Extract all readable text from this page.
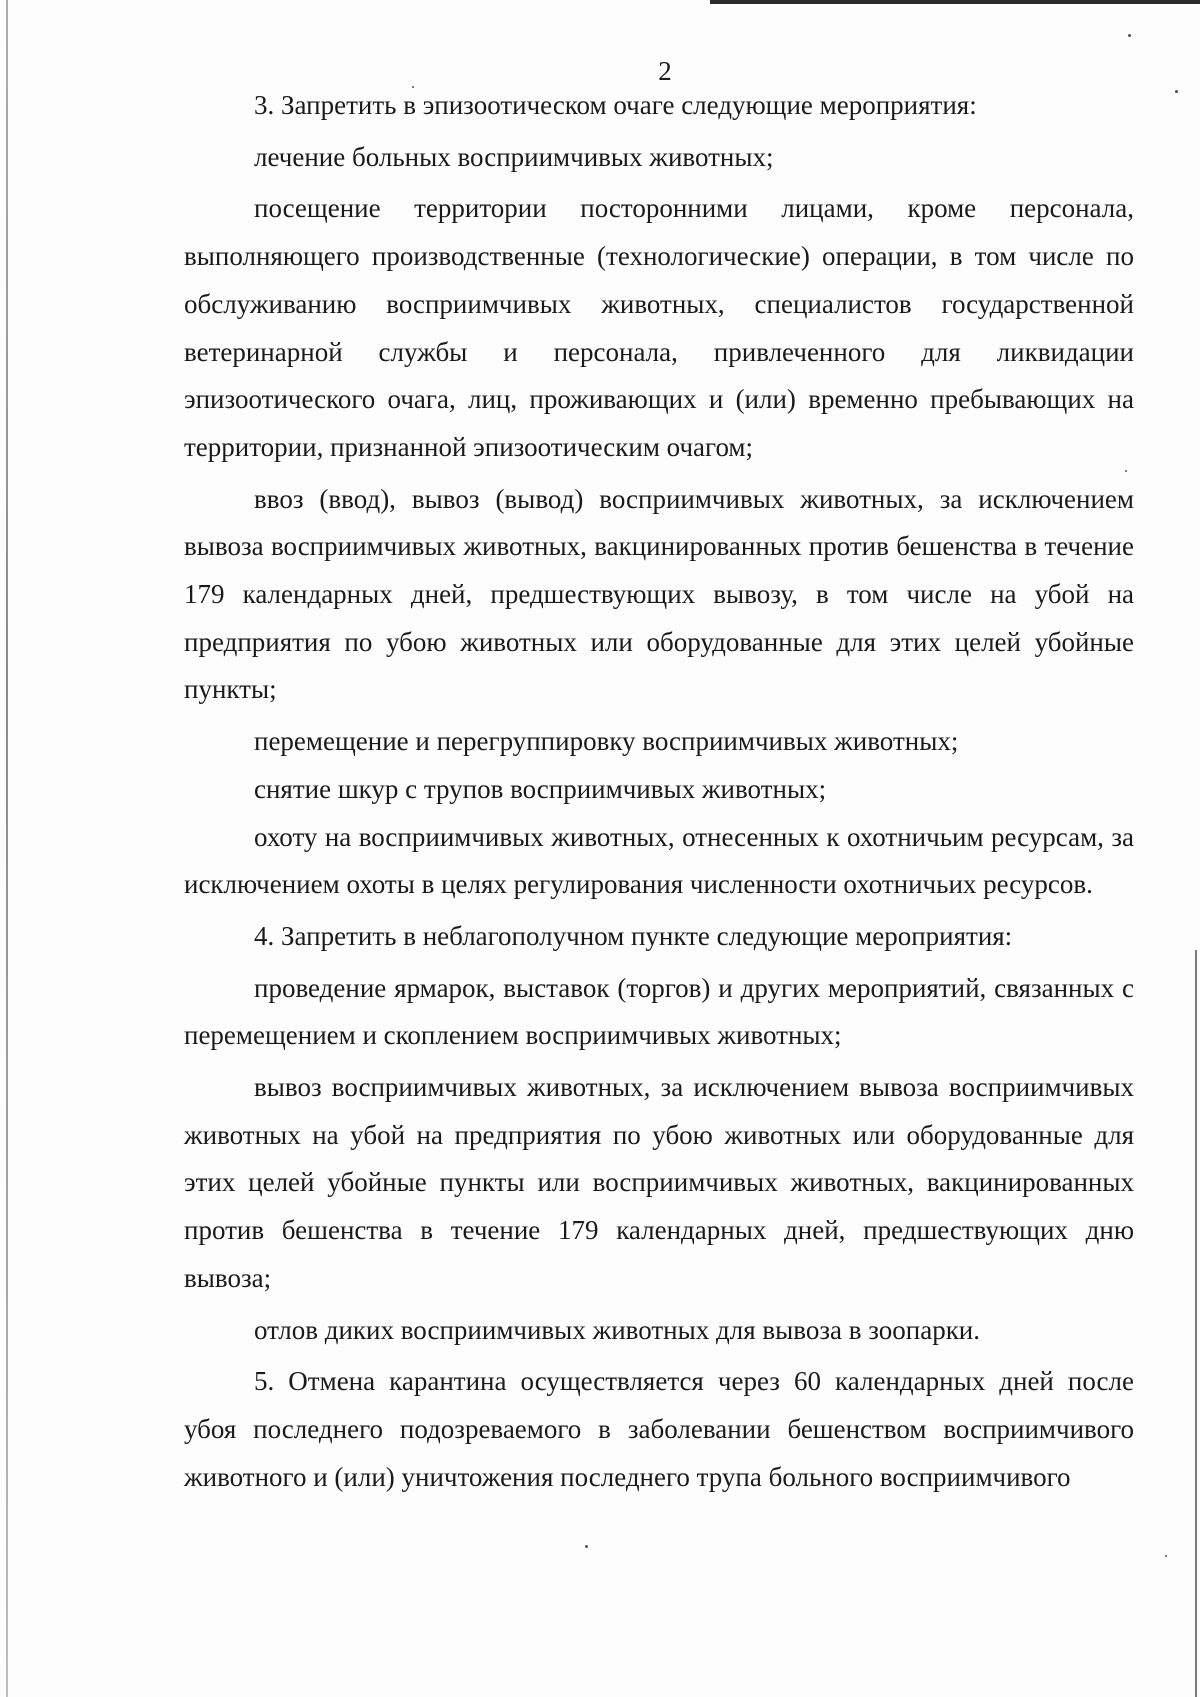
2

3. Запретить в эпизоотическом очаге следующие мероприятия:

лечение больных восприимчивых животных;

посещение территории посторонними лицами, кроме персонала, выполняющего производственные (технологические) операции, в том числе по обслуживанию восприимчивых животных, специалистов государственной ветеринарной службы и персонала, привлеченного для ликвидации эпизоотического очага, лиц, проживающих и (или) временно пребывающих на территории, признанной эпизоотическим очагом;

ввоз (ввод), вывоз (вывод) восприимчивых животных, за исключением вывоза восприимчивых животных, вакцинированных против бешенства в течение 179 календарных дней, предшествующих вывозу, в том числе на убой на предприятия по убою животных или оборудованные для этих целей убойные пункты;

перемещение и перегруппировку восприимчивых животных;

снятие шкур с трупов восприимчивых животных;

охоту на восприимчивых животных, отнесенных к охотничьим ресурсам, за исключением охоты в целях регулирования численности охотничьих ресурсов.

4. Запретить в неблагополучном пункте следующие мероприятия:

проведение ярмарок, выставок (торгов) и других мероприятий, связанных с перемещением и скоплением восприимчивых животных;

вывоз восприимчивых животных, за исключением вывоза восприимчивых животных на убой на предприятия по убою животных или оборудованные для этих целей убойные пункты или восприимчивых животных, вакцинированных против бешенства в течение 179 календарных дней, предшествующих дню вывоза;

отлов диких восприимчивых животных для вывоза в зоопарки.

5. Отмена карантина осуществляется через 60 календарных дней после убоя последнего подозреваемого в заболевании бешенством восприимчивого животного и (или) уничтожения последнего трупа больного восприимчивого
